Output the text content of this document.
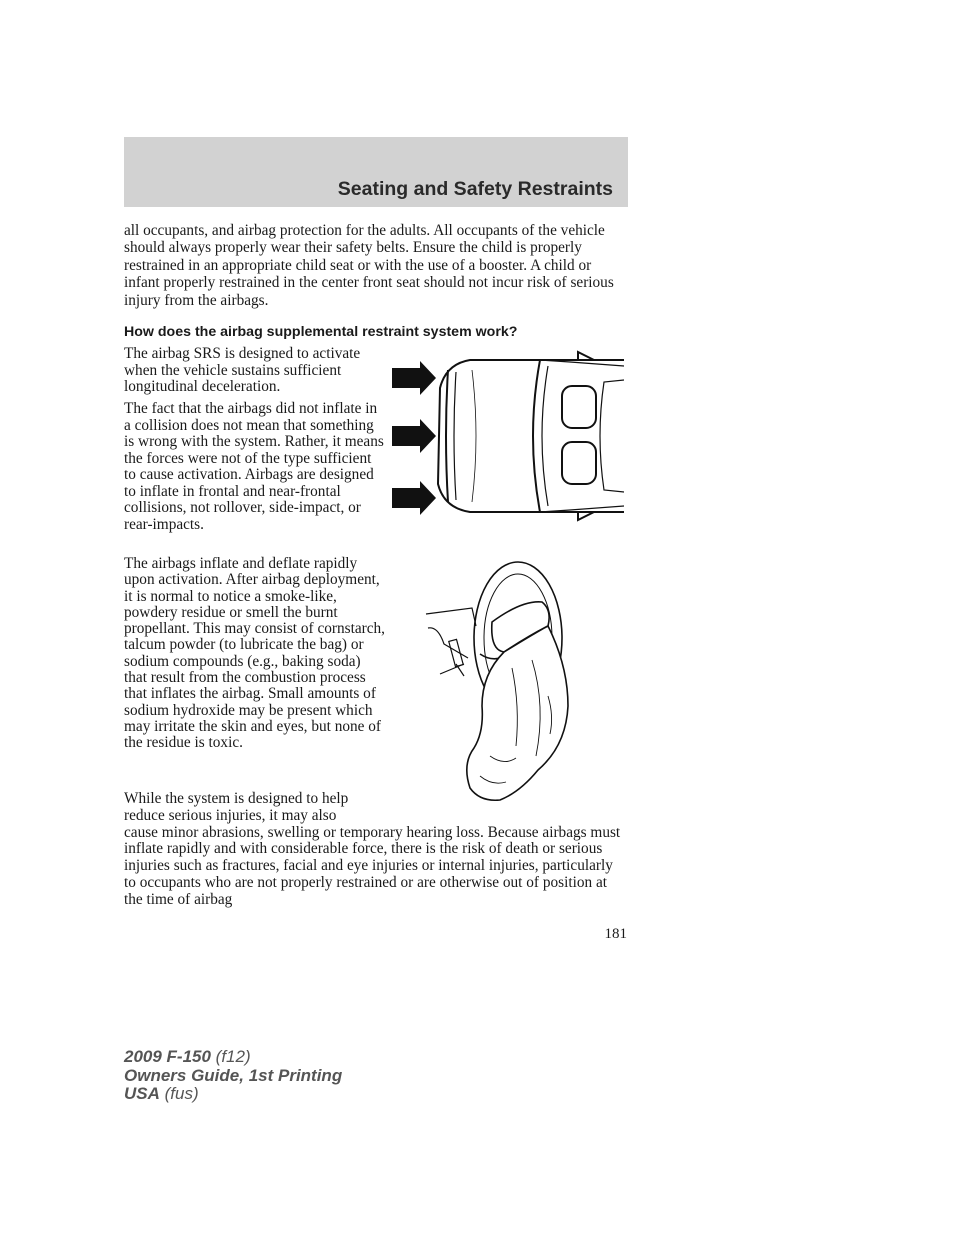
Seating and Safety Restraints

all occupants, and airbag protection for the adults. All occupants of the vehicle should always properly wear their safety belts. Ensure the child is properly restrained in an appropriate child seat or with the use of a booster. A child or infant properly restrained in the center front seat should not incur risk of serious injury from the airbags.

How does the airbag supplemental restraint system work?

The airbag SRS is designed to activate when the vehicle sustains sufficient longitudinal deceleration.

The fact that the airbags did not inflate in a collision does not mean that something is wrong with the system. Rather, it means the forces were not of the type sufficient to cause activation. Airbags are designed to inflate in frontal and near-frontal collisions, not rollover, side-impact, or rear-impacts.

The airbags inflate and deflate rapidly upon activation. After airbag deployment, it is normal to notice a smoke-like, powdery residue or smell the burnt propellant. This may consist of cornstarch, talcum powder (to lubricate the bag) or sodium compounds (e.g., baking soda) that result from the combustion process that inflates the airbag. Small amounts of sodium hydroxide may be present which may irritate the skin and eyes, but none of the residue is toxic.

While the system is designed to help reduce serious injuries, it may also
cause minor abrasions, swelling or temporary hearing loss. Because airbags must inflate rapidly and with considerable force, there is the risk of death or serious injuries such as fractures, facial and eye injuries or internal injuries, particularly to occupants who are not properly restrained or are otherwise out of position at the time of airbag

181

2009 F-150 (f12)
Owners Guide, 1st Printing
USA (fus)
